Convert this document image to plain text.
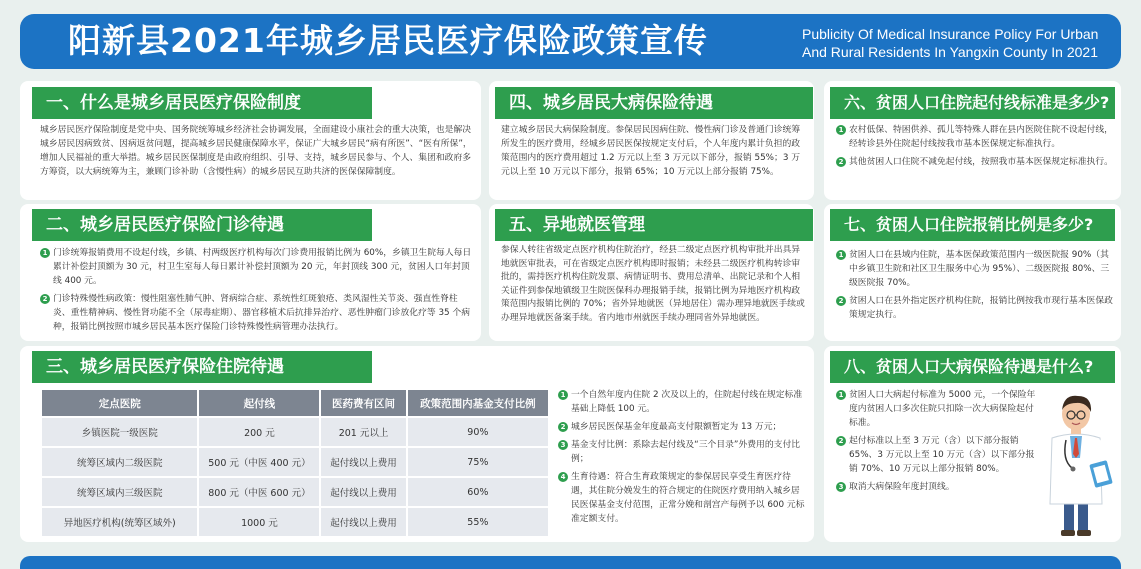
阳新县2021年城乡居民医疗保险政策宣传	Publicity Of Medical Insurance Policy For Urban
And Rural Residents In Yangxin County In 2021
一、什么是城乡居民医疗保险制度
城乡居民医疗保险制度是党中央、国务院统筹城乡经济社会协调发展，全面建设小康社会的重大决策，也是解决城乡居民因病致贫、因病返贫问题，提高城乡居民健康保障水平，保证广大城乡居民“病有所医”、“医有所保”，增加人民福祉的重大举措。城乡居民医保制度是由政府组织、引导、支持，城乡居民参与、个人、集团和政府多方筹资，以大病统筹为主，兼顾门诊补助（含慢性病）的城乡居民互助共济的医保保障制度。
二、城乡居民医疗保险门诊待遇
1 门诊统筹报销费用不设起付线，乡镇、村两级医疗机构每次门诊费用报销比例为 60%，乡镇卫生院每人每日累计补偿封顶额为 30 元，村卫生室每人每日累计补偿封顶额为 20 元，年封顶线 300 元，贫困人口年封顶线 400 元。
2 门诊特殊慢性病政策：慢性阻塞性肺气肿、肾病综合症、系统性红斑狼疮、类风湿性关节炎、强直性脊柱炎、重性精神病、慢性肾功能不全（尿毒症期）、器官移植术后抗排异治疗、恶性肿瘤门诊放化疗等 35 个病种，报销比例按照市城乡居民基本医疗保险门诊特殊慢性病管理办法执行。
三、城乡居民医疗保险住院待遇
定点医院	起付线	医药费有区间	政策范围内基金支付比例
乡镇医院一级医院	200 元	201 元以上	90%
统筹区域内二级医院	500 元（中医 400 元）	起付线以上费用	75%
统筹区域内三级医院	800 元（中医 600 元）	起付线以上费用	60%
异地医疗机构(统筹区域外)	1000 元	起付线以上费用	55%
1 一个自然年度内住院 2 次及以上的，住院起付线在规定标准基础上降低 100 元。
2 城乡居民医保基金年度最高支付限额暂定为 13 万元；
3 基金支付比例：系除去起付线及“三个目录”外费用的支付比例；
4 生育待遇：符合生育政策规定的参保居民享受生育医疗待遇，其住院分娩发生的符合规定的住院医疗费用纳入城乡居民医保基金支付范围，正常分娩和剖宫产每例予以 600 元标准定额支付。
四、城乡居民大病保险待遇
建立城乡居民大病保险制度。参保居民因病住院、慢性病门诊及普通门诊统筹所发生的医疗费用，经城乡居民医保按规定支付后，个人年度内累计负担的政策范围内的医疗费用超过 1.2 万元以上至 3 万元以下部分，报销 55%；3 万元以上至 10 万元以下部分，报销 65%；10 万元以上部分报销 75%。
五、异地就医管理
参保人转往省级定点医疗机构住院治疗，经县二级定点医疗机构审批并出具异地就医审批表，可在省级定点医疗机构即时报销；未经县二级医疗机构转诊审批的，需持医疗机构住院发票、病情证明书、费用总清单、出院记录和个人相关证件到参保地镇级卫生院医保科办理报销手续，报销比例为异地医疗机构政策范围内报销比例的 70%；省外异地就医（异地居住）需办理异地就医手续或办理异地就医备案手续。省内地市州就医手续办理同省外异地就医。
六、贫困人口住院起付线标准是多少?
1 农村低保、特困供养、孤儿等特殊人群在县内医院住院不设起付线，经转诊县外住院起付线按我市基本医保规定标准执行。
2 其他贫困人口住院不减免起付线，按照我市基本医保规定标准执行。
七、贫困人口住院报销比例是多少?
1 贫困人口在县域内住院，基本医保政策范围内一级医院报 90%（其中乡镇卫生院和社区卫生服务中心为 95%）、二级医院报 80%、三级医院报 70%。
2 贫困人口在县外指定医疗机构住院，报销比例按我市现行基本医保政策规定执行。
八、贫困人口大病保险待遇是什么?
1 贫困人口大病起付标准为 5000 元，一个保险年度内贫困人口多次住院只扣除一次大病保险起付标准。
2 起付标准以上至 3 万元（含）以下部分报销 65%、3 万元以上至 10 万元（含）以下部分报销 70%、10 万元以上部分报销 80%。
3 取消大病保险年度封顶线。
